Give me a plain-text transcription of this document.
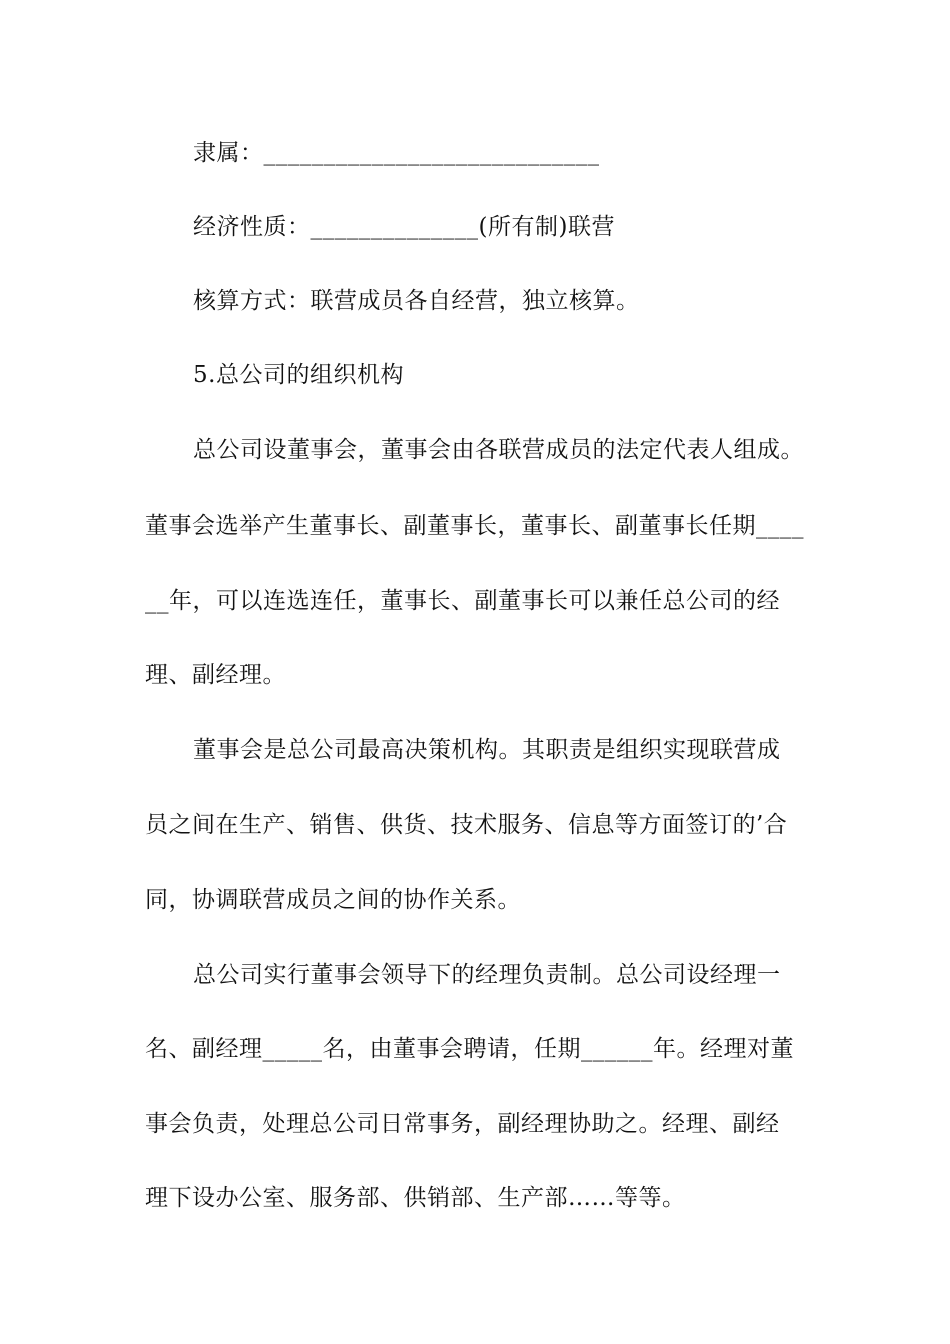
隶属：____________________________
经济性质：______________(所有制)联营
核算方式：联营成员各自经营，独立核算。
5.总公司的组织机构
总公司设董事会，董事会由各联营成员的法定代表人组成。
董事会选举产生董事长、副董事长，董事长、副董事长任期____
__年，可以连选连任，董事长、副董事长可以兼任总公司的经
理、副经理。
董事会是总公司最高决策机构。其职责是组织实现联营成
员之间在生产、销售、供货、技术服务、信息等方面签订的’合
同，协调联营成员之间的协作关系。
总公司实行董事会领导下的经理负责制。总公司设经理一
名、副经理_____名，由董事会聘请，任期______年。经理对董
事会负责，处理总公司日常事务，副经理协助之。经理、副经
理下设办公室、服务部、供销部、生产部……等等。
